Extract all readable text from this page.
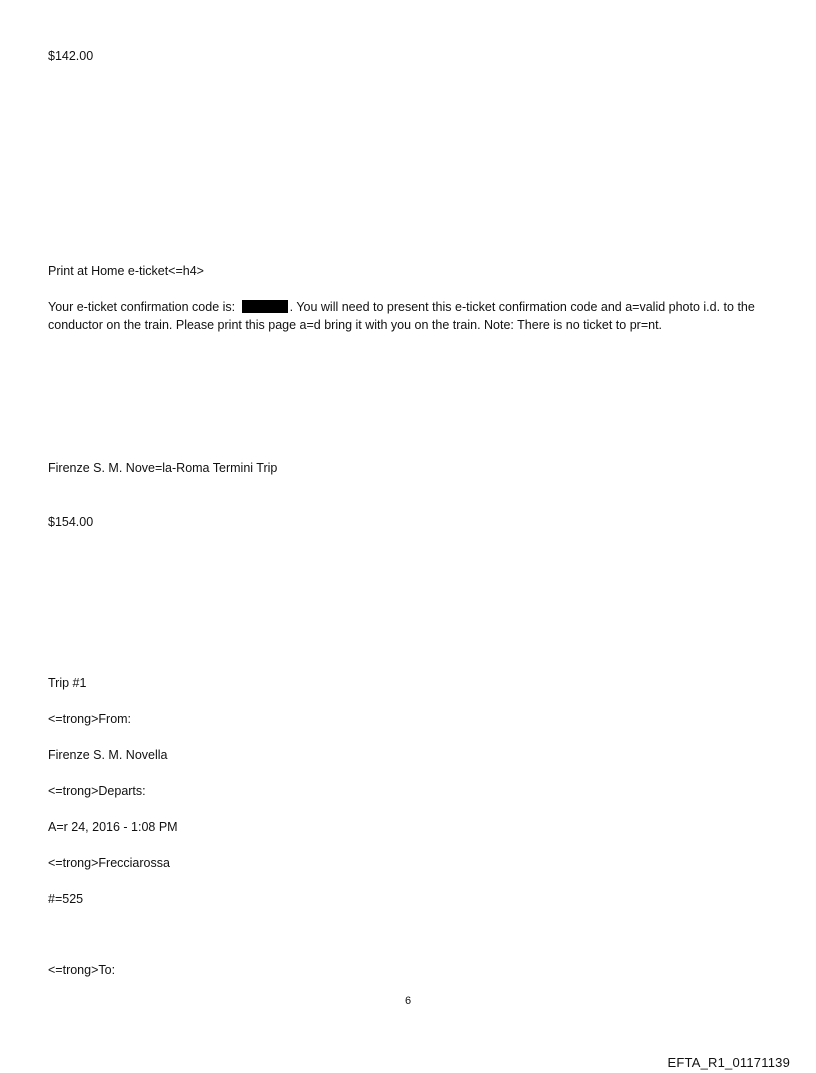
$142.00
Print at Home e-ticket<=h4>
Your e-ticket confirmation code is:	. You will need to present this e-ticket confirmation code and a=valid photo i.d. to the conductor on the train. Please print this page a=d bring it with you on the train. Note: There is no ticket to pr=nt.
Firenze S. M. Nove=la-Roma Termini Trip
$154.00
Trip #1
<=trong>From:
Firenze S. M. Novella
<=trong>Departs:
A=r 24, 2016 - 1:08 PM
<=trong>Frecciarossa
#=525
<=trong>To:
6
EFTA_R1_01171139
